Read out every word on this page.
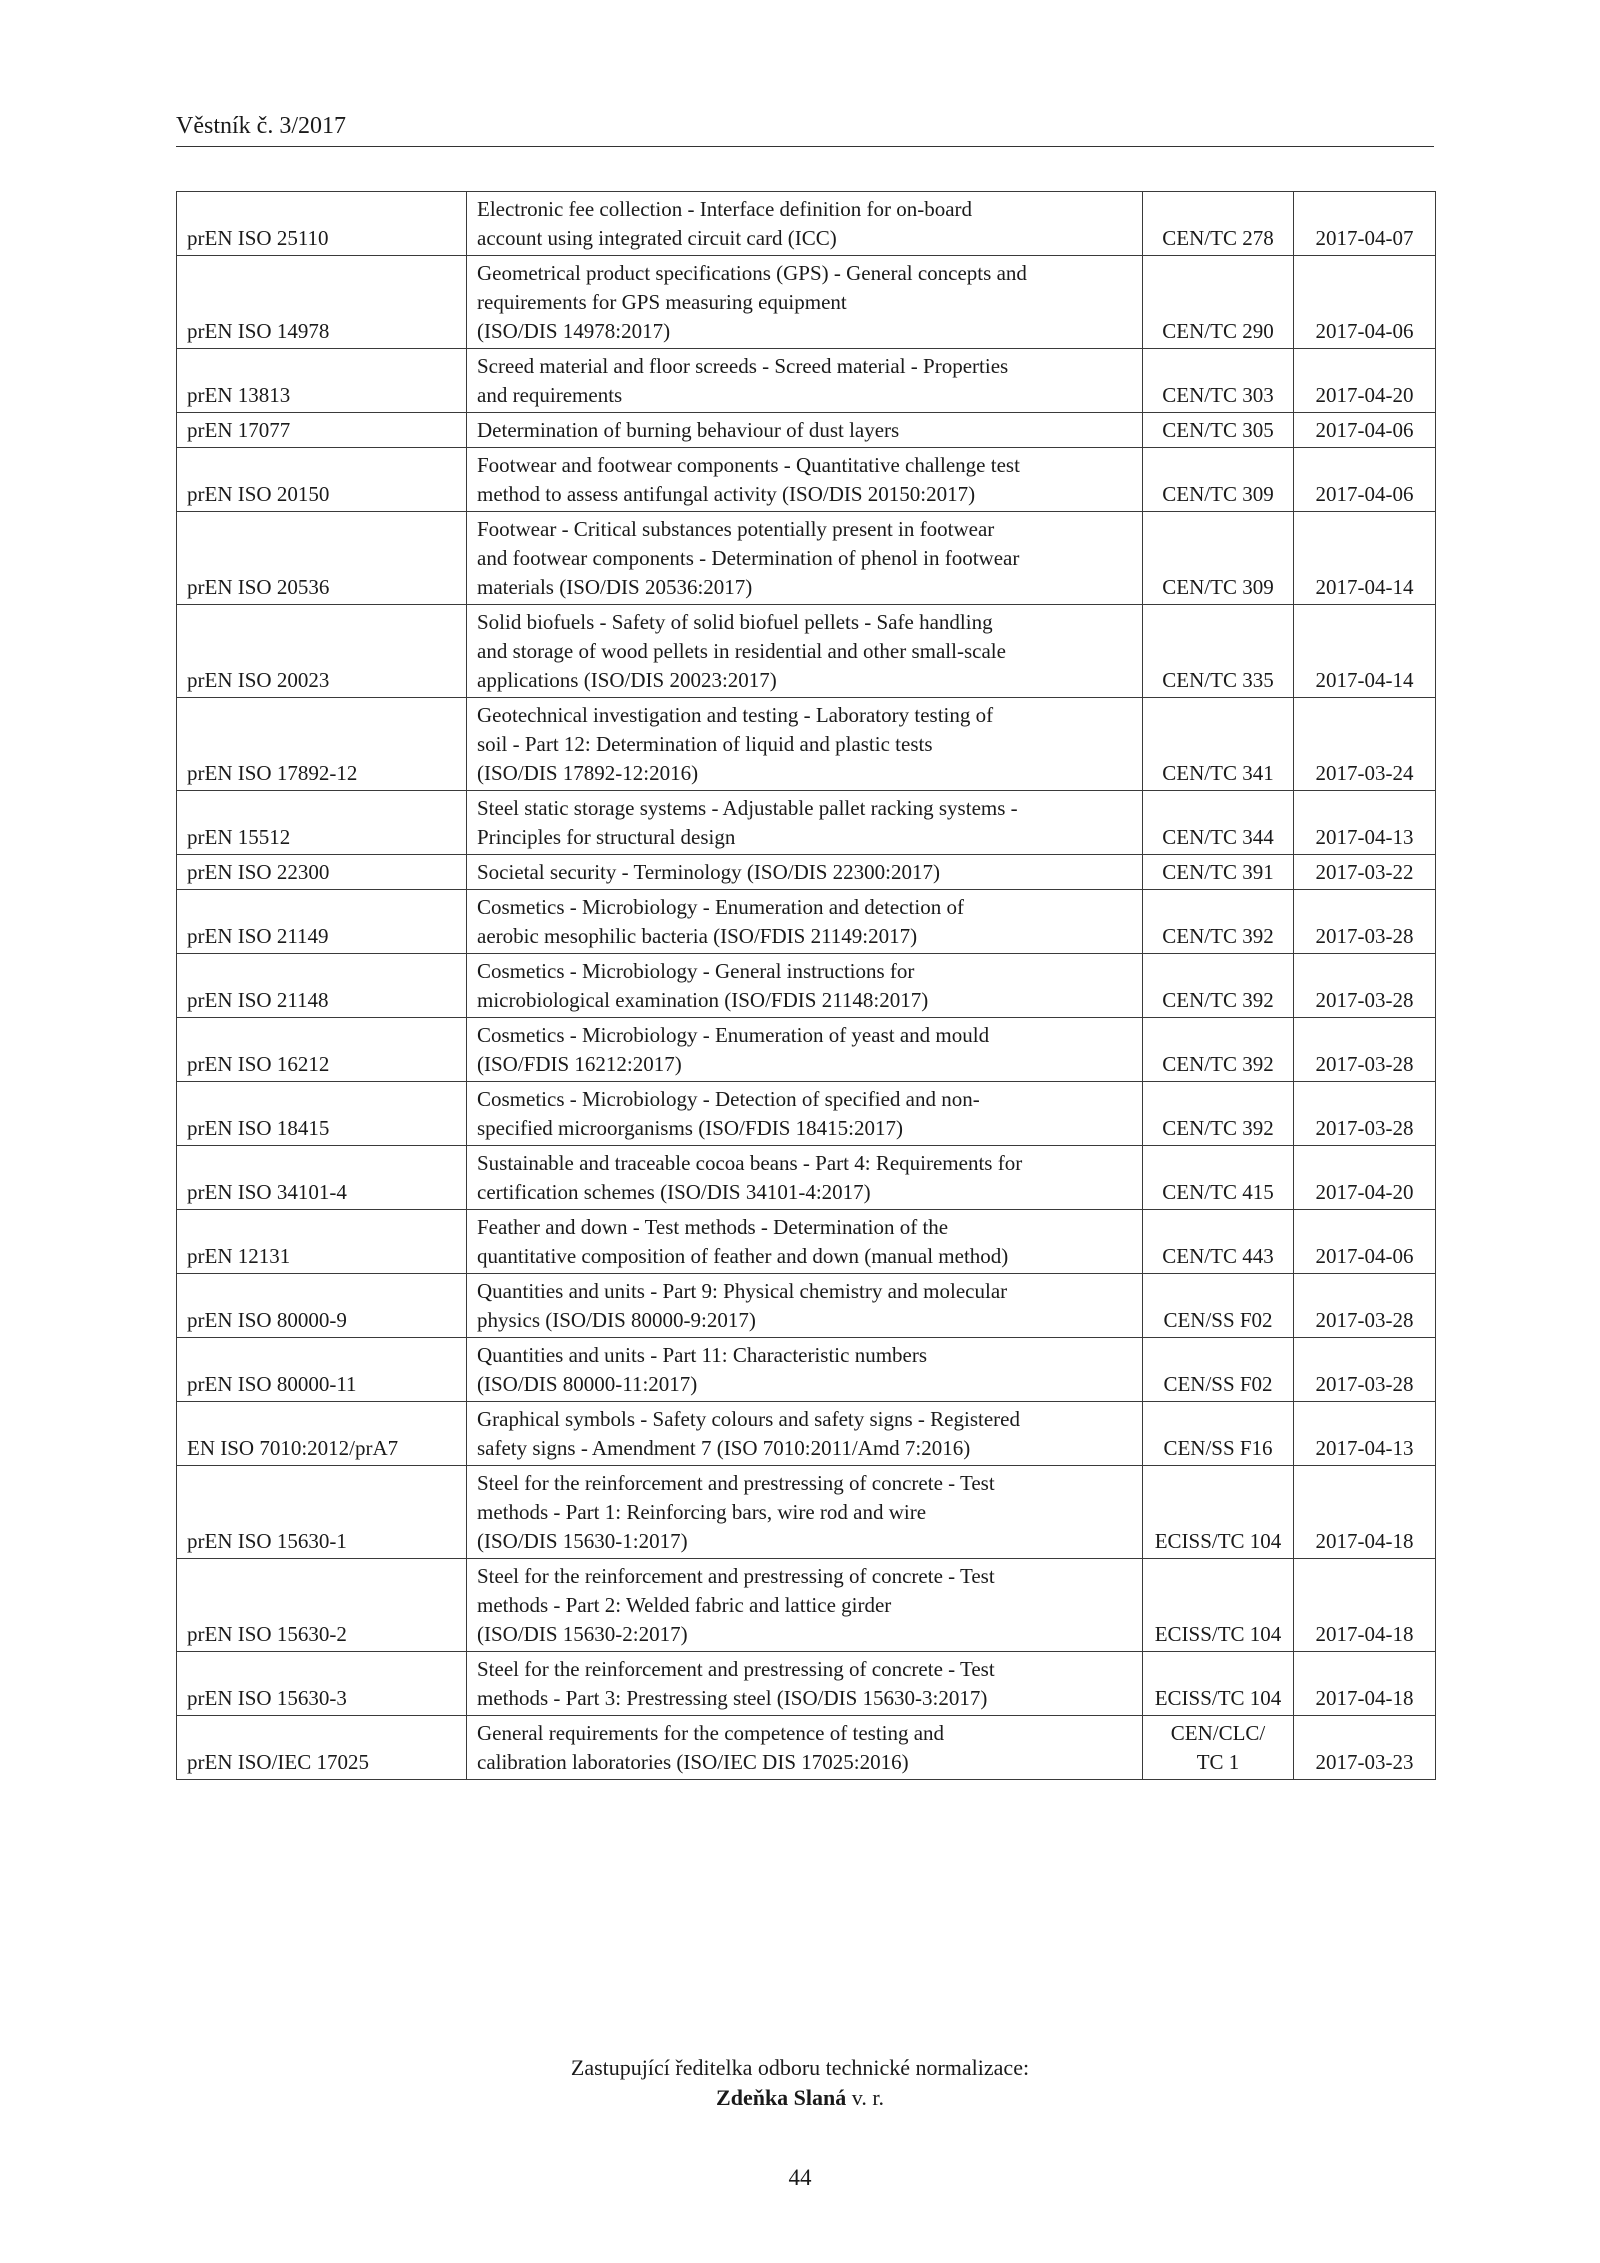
Věstník č. 3/2017
prEN ISO 25110	Electronic fee collection - Interface definition for on-board
account using integrated circuit card (ICC)	CEN/TC 278	2017-04-07
prEN ISO 14978	Geometrical product specifications (GPS) - General concepts and
requirements for GPS measuring equipment
(ISO/DIS 14978:2017)	CEN/TC 290	2017-04-06
prEN 13813	Screed material and floor screeds - Screed material - Properties
and requirements	CEN/TC 303	2017-04-20
prEN 17077	Determination of burning behaviour of dust layers	CEN/TC 305	2017-04-06
prEN ISO 20150	Footwear and footwear components - Quantitative challenge test
method to assess antifungal activity (ISO/DIS 20150:2017)	CEN/TC 309	2017-04-06
prEN ISO 20536	Footwear - Critical substances potentially present in footwear
and footwear components - Determination of phenol in footwear
materials (ISO/DIS 20536:2017)	CEN/TC 309	2017-04-14
prEN ISO 20023	Solid biofuels - Safety of solid biofuel pellets - Safe handling
and storage of wood pellets in residential and other small-scale
applications (ISO/DIS 20023:2017)	CEN/TC 335	2017-04-14
prEN ISO 17892-12	Geotechnical investigation and testing - Laboratory testing of
soil - Part 12: Determination of liquid and plastic tests
(ISO/DIS 17892-12:2016)	CEN/TC 341	2017-03-24
prEN 15512	Steel static storage systems - Adjustable pallet racking systems -
Principles for structural design	CEN/TC 344	2017-04-13
prEN ISO 22300	Societal security - Terminology (ISO/DIS 22300:2017)	CEN/TC 391	2017-03-22
prEN ISO 21149	Cosmetics - Microbiology - Enumeration and detection of
aerobic mesophilic bacteria (ISO/FDIS 21149:2017)	CEN/TC 392	2017-03-28
prEN ISO 21148	Cosmetics - Microbiology - General instructions for
microbiological examination (ISO/FDIS 21148:2017)	CEN/TC 392	2017-03-28
prEN ISO 16212	Cosmetics - Microbiology - Enumeration of yeast and mould
(ISO/FDIS 16212:2017)	CEN/TC 392	2017-03-28
prEN ISO 18415	Cosmetics - Microbiology - Detection of specified and non-
specified microorganisms (ISO/FDIS 18415:2017)	CEN/TC 392	2017-03-28
prEN ISO 34101-4	Sustainable and traceable cocoa beans - Part 4: Requirements for
certification schemes (ISO/DIS 34101-4:2017)	CEN/TC 415	2017-04-20
prEN 12131	Feather and down - Test methods - Determination of the
quantitative composition of feather and down (manual method)	CEN/TC 443	2017-04-06
prEN ISO 80000-9	Quantities and units - Part 9: Physical chemistry and molecular
physics (ISO/DIS 80000-9:2017)	CEN/SS F02	2017-03-28
prEN ISO 80000-11	Quantities and units - Part 11: Characteristic numbers
(ISO/DIS 80000-11:2017)	CEN/SS F02	2017-03-28
EN ISO 7010:2012/prA7	Graphical symbols - Safety colours and safety signs - Registered
safety signs - Amendment 7 (ISO 7010:2011/Amd 7:2016)	CEN/SS F16	2017-04-13
prEN ISO 15630-1	Steel for the reinforcement and prestressing of concrete - Test
methods - Part 1: Reinforcing bars, wire rod and wire
(ISO/DIS 15630-1:2017)	ECISS/TC 104	2017-04-18
prEN ISO 15630-2	Steel for the reinforcement and prestressing of concrete - Test
methods - Part 2: Welded fabric and lattice girder
(ISO/DIS 15630-2:2017)	ECISS/TC 104	2017-04-18
prEN ISO 15630-3	Steel for the reinforcement and prestressing of concrete - Test
methods - Part 3: Prestressing steel (ISO/DIS 15630-3:2017)	ECISS/TC 104	2017-04-18
prEN ISO/IEC 17025	General requirements for the competence of testing and
calibration laboratories (ISO/IEC DIS 17025:2016)	CEN/CLC/
TC 1	2017-03-23
Zastupující ředitelka odboru technické normalizace:
Zdeňka Slaná v. r.
44
